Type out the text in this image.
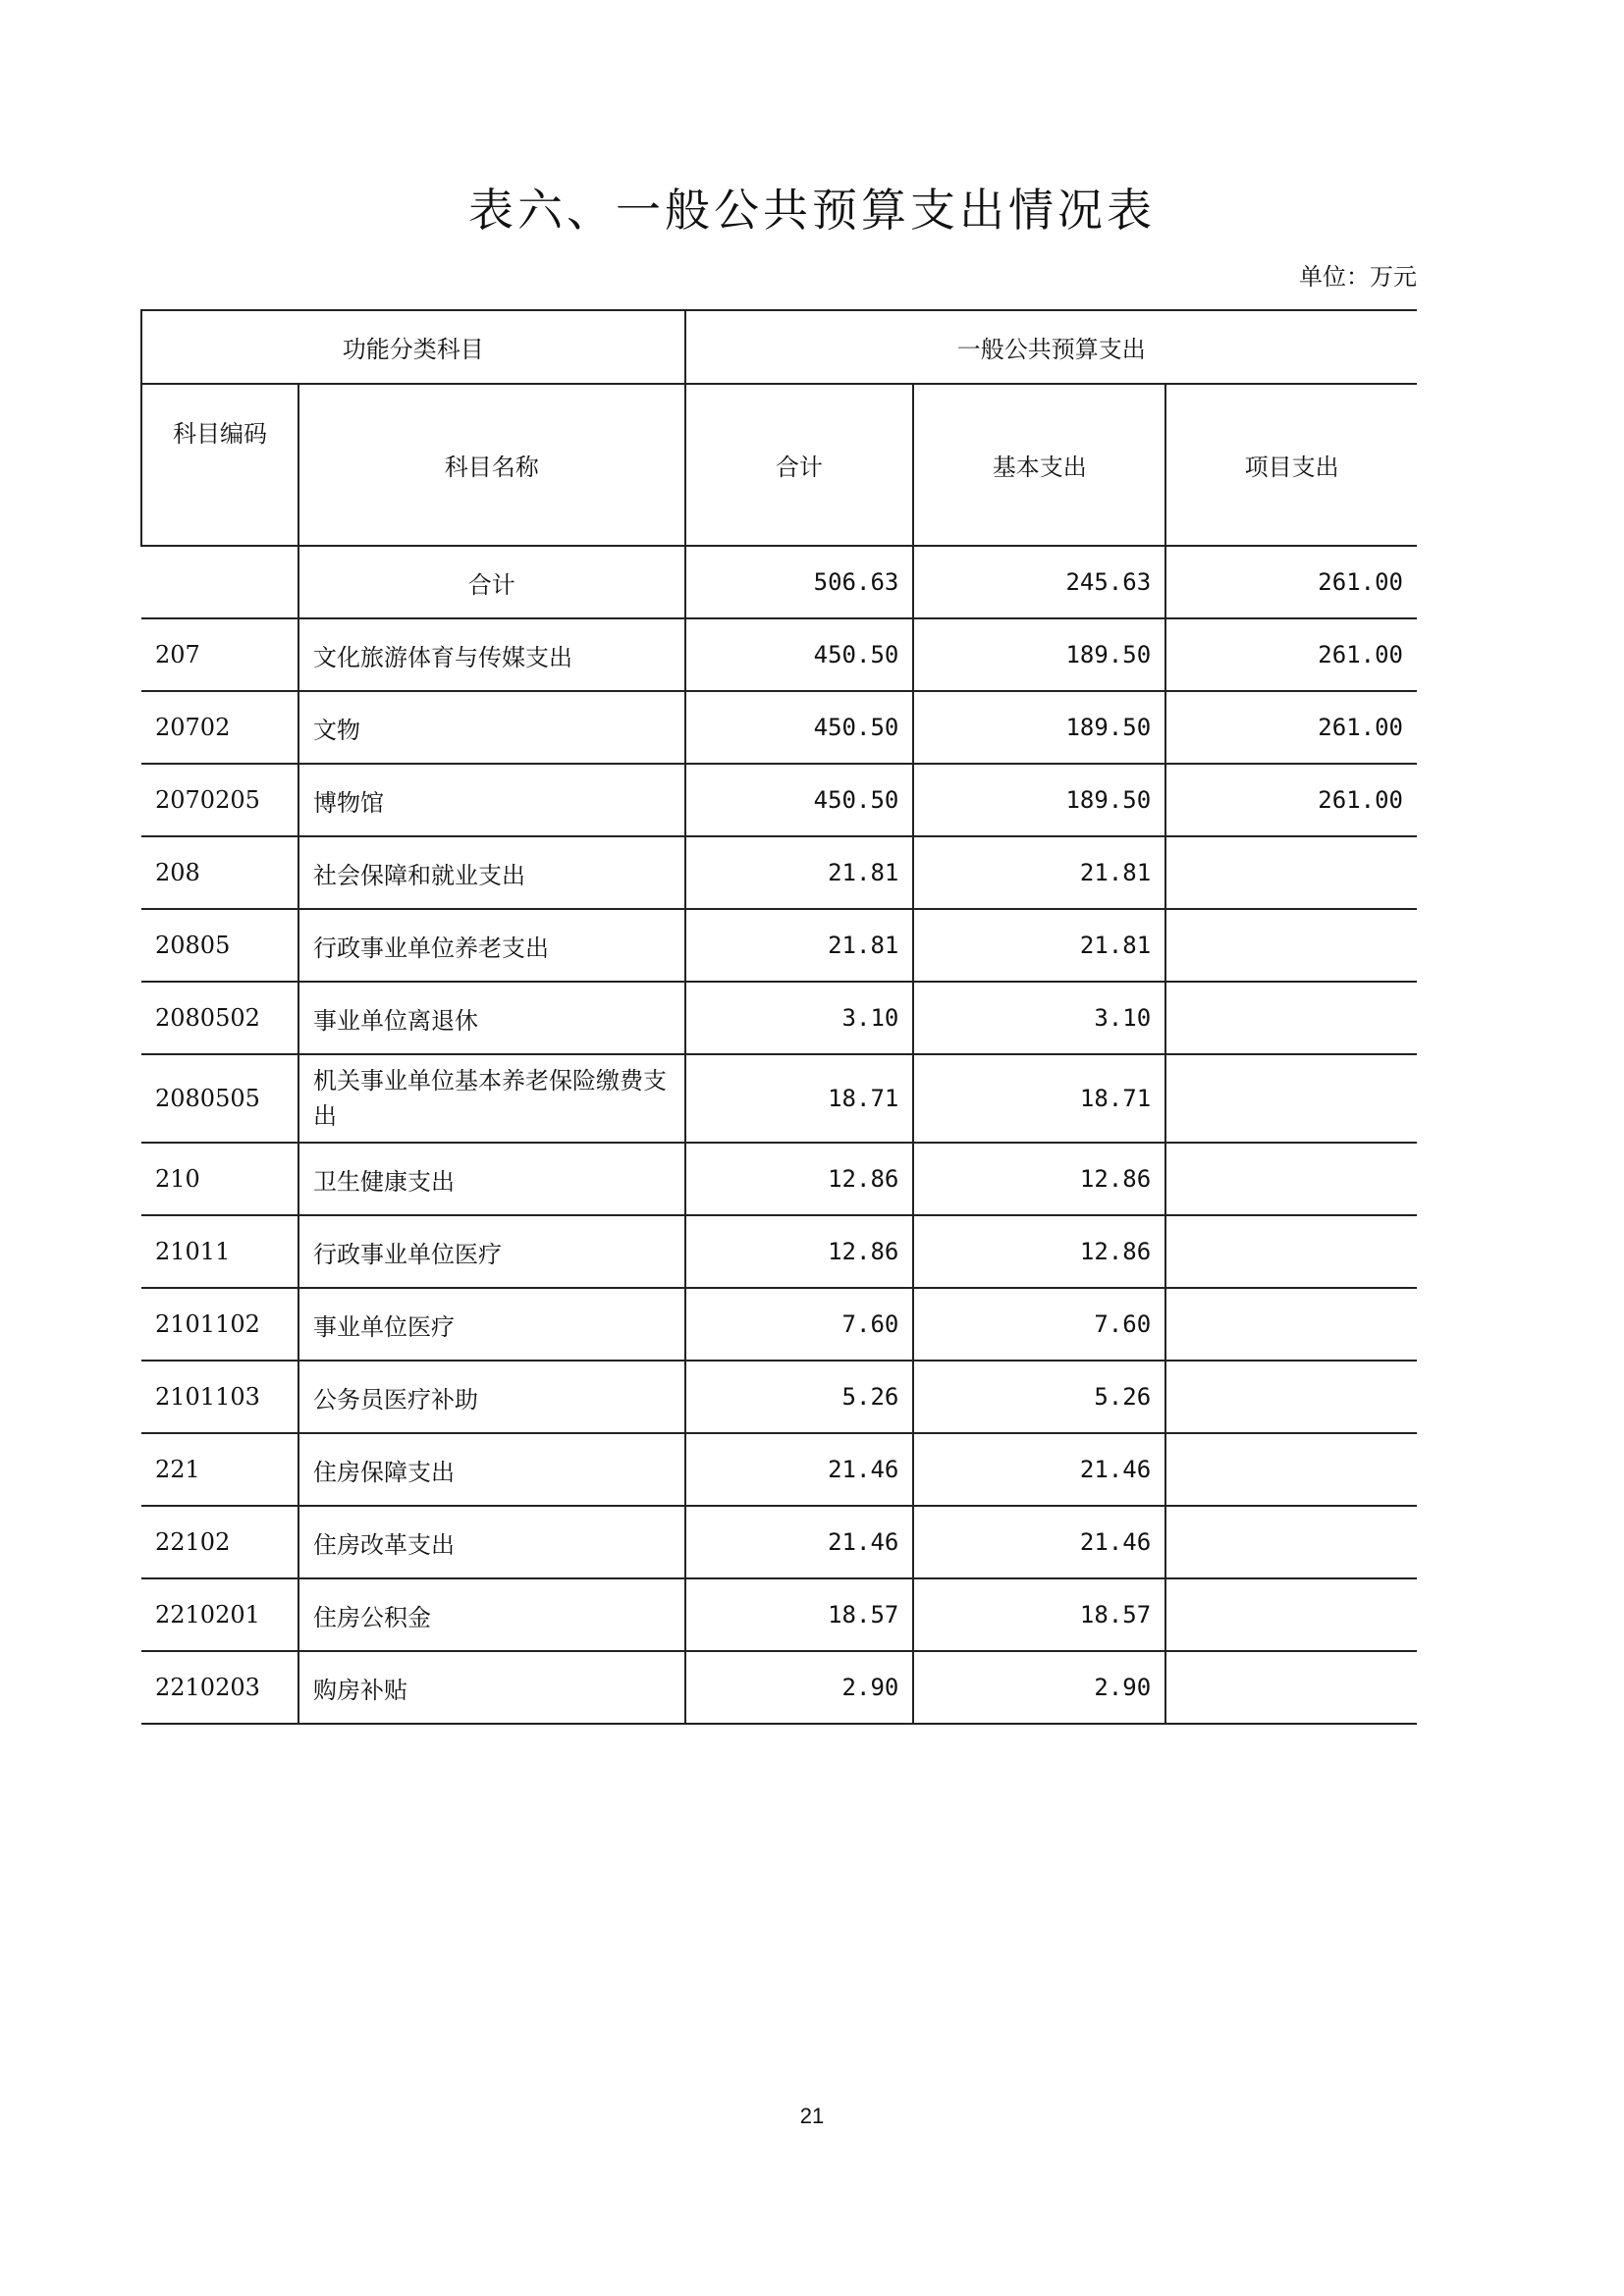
表六、一般公共预算支出情况表
单位：万元
功能分类科目		一般公共预算支出		
科目编码	科目名称	合计	基本支出	项目支出
	合计	506.63	245.63	261.00
207	文化旅游体育与传媒支出	450.50	189.50	261.00
20702	文物	450.50	189.50	261.00
2070205	博物馆	450.50	189.50	261.00
208	社会保障和就业支出	21.81	21.81	
20805	行政事业单位养老支出	21.81	21.81	
2080502	事业单位离退休	3.10	3.10	
2080505	机关事业单位基本养老保险缴费支出	18.71	18.71	
210	卫生健康支出	12.86	12.86	
21011	行政事业单位医疗	12.86	12.86	
2101102	事业单位医疗	7.60	7.60	
2101103	公务员医疗补助	5.26	5.26	
221	住房保障支出	21.46	21.46	
22102	住房改革支出	21.46	21.46	
2210201	住房公积金	18.57	18.57	
2210203	购房补贴	2.90	2.90	
21
